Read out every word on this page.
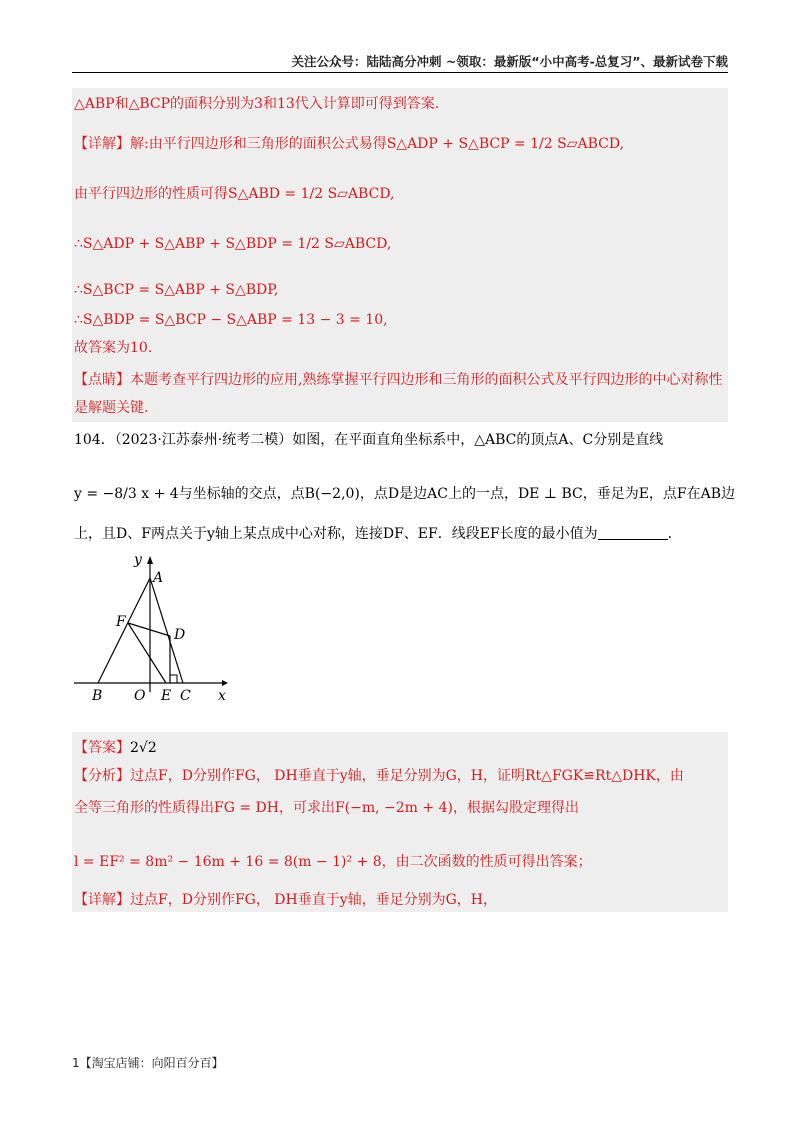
关注公众号：陆陆高分冲刺 ~领取：最新版“小中高考-总复习”、最新试卷下载
△ABP和△BCP的面积分别为3和13代入计算即可得到答案.
【详解】解:由平行四边形和三角形的面积公式易得S△ADP + S△BCP = 1/2 S▱ABCD,
由平行四边形的性质可得S△ABD = 1/2 S▱ABCD,
∴S△ADP + S△ABP + S△BDP = 1/2 S▱ABCD,
∴S△BCP = S△ABP + S△BDP,
∴S△BDP = S△BCP − S△ABP = 13 − 3 = 10,
故答案为10.
【点睛】本题考查平行四边形的应用,熟练掌握平行四边形和三角形的面积公式及平行四边形的中心对称性
是解题关键.
104．（2023·江苏泰州·统考二模）如图，在平面直角坐标系中，△ABC的顶点A、C分别是直线
y = −8/3 x + 4与坐标轴的交点，点B(−2,0)，点D是边AC上的一点，DE ⊥ BC，垂足为E，点F在AB边
上，且D、F两点关于y轴上某点成中心对称，连接DF、EF．线段EF长度的最小值为	．
y
x
A
B O E C
D
F
【答案】2√2
【分析】过点F，D分别作FG， DH垂直于y轴，垂足分别为G，H，证明Rt△FGK≌Rt△DHK，由
全等三角形的性质得出FG = DH，可求出F(−m, −2m + 4)，根据勾股定理得出
l = EF² = 8m² − 16m + 16 = 8(m − 1)² + 8，由二次函数的性质可得出答案；
【详解】过点F，D分别作FG， DH垂直于y轴，垂足分别为G，H，
1【淘宝店铺：向阳百分百】
